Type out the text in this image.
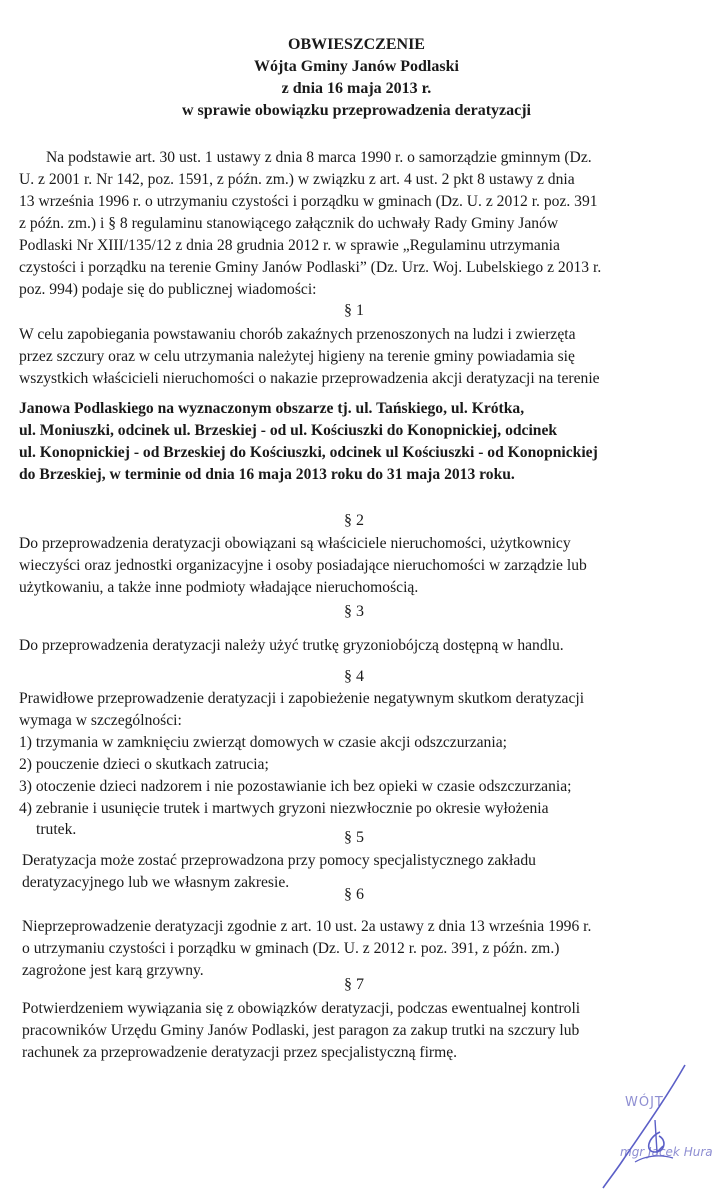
OBWIESZCZENIE
Wójta Gminy Janów Podlaski
z dnia 16 maja 2013 r.
w sprawie obowiązku przeprowadzenia deratyzacji
Na podstawie art. 30 ust. 1 ustawy z dnia 8 marca 1990 r. o samorządzie gminnym (Dz.
U. z 2001 r. Nr 142, poz. 1591, z późn. zm.) w związku z art. 4 ust. 2 pkt 8 ustawy z dnia
13 września 1996 r. o utrzymaniu czystości i porządku w gminach (Dz. U. z 2012 r. poz. 391
z późn. zm.) i § 8 regulaminu stanowiącego załącznik do uchwały Rady Gminy Janów
Podlaski Nr XIII/135/12 z dnia 28 grudnia 2012 r. w sprawie „Regulaminu utrzymania
czystości i porządku na terenie Gminy Janów Podlaski” (Dz. Urz. Woj. Lubelskiego z 2013 r.
poz. 994) podaje się do publicznej wiadomości:
§ 1
W celu zapobiegania powstawaniu chorób zakaźnych przenoszonych na ludzi i zwierzęta
przez szczury oraz w celu utrzymania należytej higieny na terenie gminy powiadamia się
wszystkich właścicieli nieruchomości o nakazie przeprowadzenia akcji deratyzacji na terenie
Janowa Podlaskiego na wyznaczonym obszarze tj. ul. Tańskiego, ul. Krótka,
ul. Moniuszki, odcinek ul. Brzeskiej - od ul. Kościuszki do Konopnickiej, odcinek
ul. Konopnickiej - od Brzeskiej do Kościuszki, odcinek ul Kościuszki - od Konopnickiej
do Brzeskiej, w terminie od dnia 16 maja 2013 roku do 31 maja 2013 roku.
§ 2
Do przeprowadzenia deratyzacji obowiązani są właściciele nieruchomości, użytkownicy
wieczyści oraz jednostki organizacyjne i osoby posiadające nieruchomości w zarządzie lub
użytkowaniu, a także inne podmioty władające nieruchomością.
§ 3
Do przeprowadzenia deratyzacji należy użyć trutkę gryzoniobójczą dostępną w handlu.
§ 4
Prawidłowe przeprowadzenie deratyzacji i zapobieżenie negatywnym skutkom deratyzacji
wymaga w szczególności:
1) trzymania w zamknięciu zwierząt domowych w czasie akcji odszczurzania;
2) pouczenie dzieci o skutkach zatrucia;
3) otoczenie dzieci nadzorem i nie pozostawianie ich bez opieki w czasie odszczurzania;
4) zebranie i usunięcie trutek i martwych gryzoni niezwłocznie po okresie wyłożenia
trutek.	§ 5
Deratyzacja może zostać przeprowadzona przy pomocy specjalistycznego zakładu
deratyzacyjnego lub we własnym zakresie.
§ 6
Nieprzeprowadzenie deratyzacji zgodnie z art. 10 ust. 2a ustawy z dnia 13 września 1996 r.
o utrzymaniu czystości i porządku w gminach (Dz. U. z 2012 r. poz. 391, z późn. zm.)
zagrożone jest karą grzywny.
§ 7
Potwierdzeniem wywiązania się z obowiązków deratyzacji, podczas ewentualnej kontroli
pracowników Urzędu Gminy Janów Podlaski, jest paragon za zakup trutki na szczury lub
rachunek za przeprowadzenie deratyzacji przez specjalistyczną firmę.
WÓJT
mgr Jacek Hura
